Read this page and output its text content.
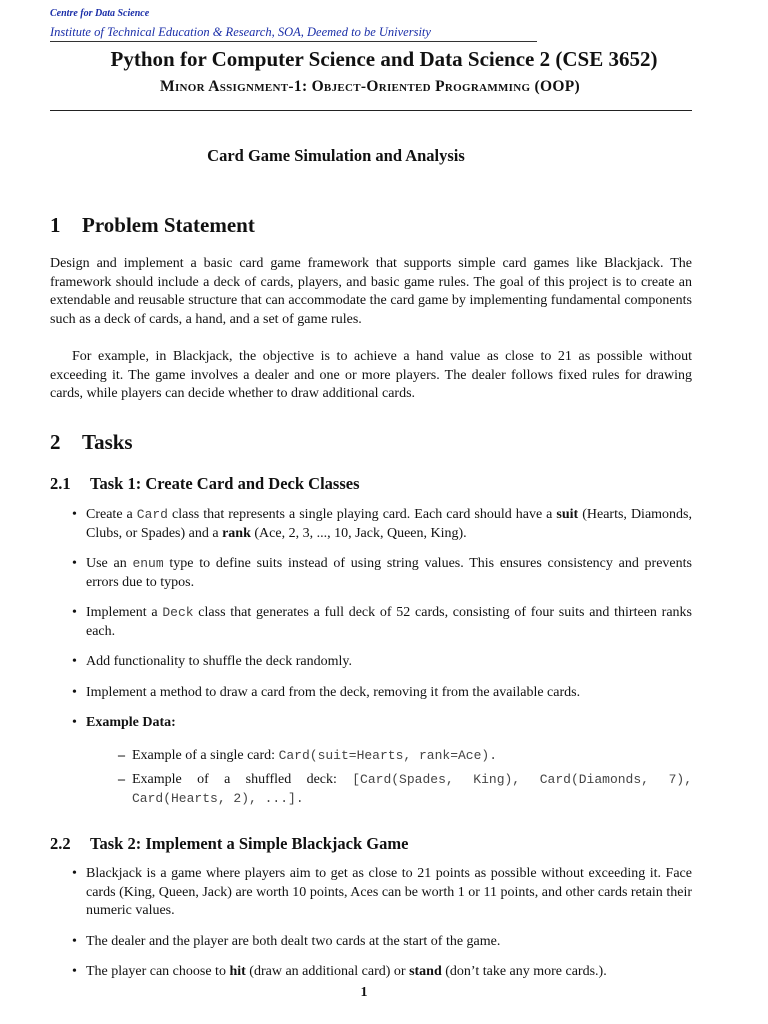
Centre for Data Science
Institute of Technical Education & Research, SOA, Deemed to be University
Python for Computer Science and Data Science 2 (CSE 3652)
Minor Assignment-1: Object-Oriented Programming (OOP)
Card Game Simulation and Analysis
1 Problem Statement

Design and implement a basic card game framework that supports simple card games like Blackjack. The framework should include a deck of cards, players, and basic game rules. The goal of this project is to create an extendable and reusable structure that can accommodate the card game by implementing fundamental components such as a deck of cards, a hand, and a set of game rules.

For example, in Blackjack, the objective is to achieve a hand value as close to 21 as possible without exceeding it. The game involves a dealer and one or more players. The dealer follows fixed rules for drawing cards, while players can decide whether to draw additional cards.

2 Tasks
2.1 Task 1: Create Card and Deck Classes
• Create a Card class that represents a single playing card. Each card should have a suit (Hearts, Diamonds, Clubs, or Spades) and a rank (Ace, 2, 3, ..., 10, Jack, Queen, King).
• Use an enum type to define suits instead of using string values. This ensures consistency and prevents errors due to typos.
• Implement a Deck class that generates a full deck of 52 cards, consisting of four suits and thirteen ranks each.
• Add functionality to shuffle the deck randomly.
• Implement a method to draw a card from the deck, removing it from the available cards.
• Example Data:
– Example of a single card: Card(suit=Hearts, rank=Ace).
– Example of a shuffled deck: [Card(Spades, King), Card(Diamonds, 7), Card(Hearts, 2), ...].
2.2 Task 2: Implement a Simple Blackjack Game
• Blackjack is a game where players aim to get as close to 21 points as possible without exceeding it. Face cards (King, Queen, Jack) are worth 10 points, Aces can be worth 1 or 11 points, and other cards retain their numeric values.
• The dealer and the player are both dealt two cards at the start of the game.
• The player can choose to hit (draw an additional card) or stand (don’t take any more cards.).
1
